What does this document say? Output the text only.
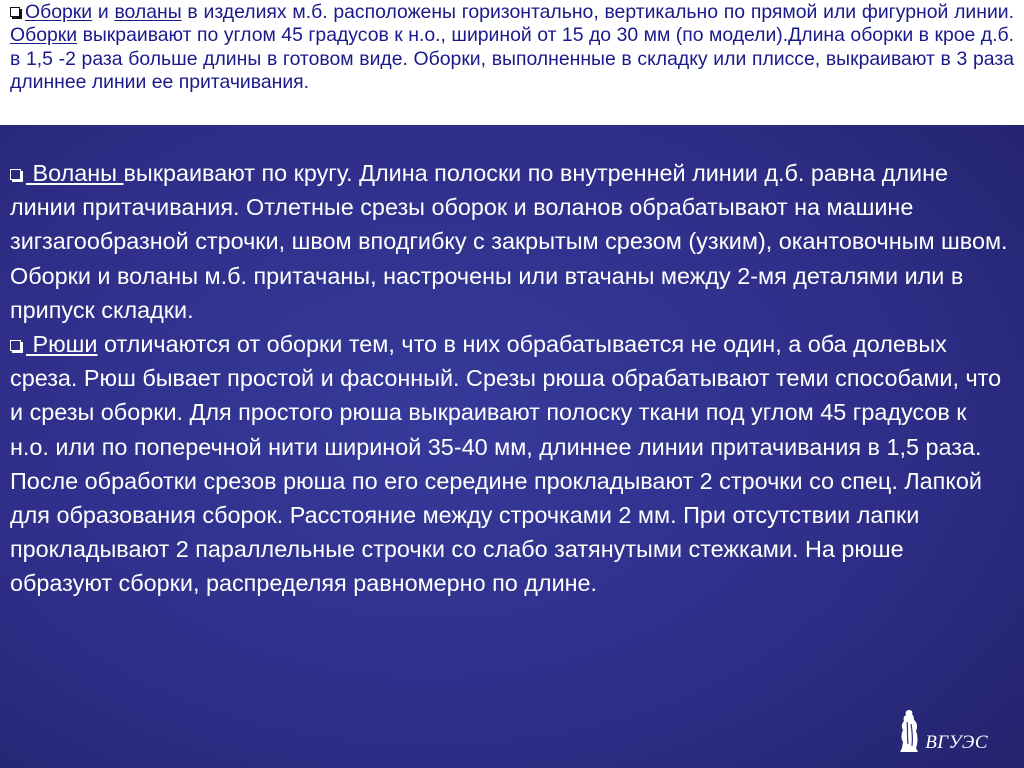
Оборки и воланы в изделиях м.б. расположены горизонтально, вертикально по прямой или фигурной линии. Оборки выкраивают по углом 45 градусов к н.о., шириной от 15 до 30 мм (по модели).Длина оборки в крое д.б. в 1,5 -2 раза больше длины в готовом виде. Оборки, выполненные в складку или плиссе, выкраивают в 3 раза длиннее линии ее притачивания.

Воланы выкраивают по кругу. Длина полоски по внутренней линии д.б. равна длине линии притачивания. Отлетные срезы оборок и воланов обрабатывают на машине зигзагообразной строчки, швом вподгибку с закрытым срезом (узким), окантовочным швом. Оборки и воланы м.б. притачаны, настрочены или втачаны между 2-мя деталями или в припуск складки.

Рюши отличаются от оборки тем, что в них обрабатывается не один, а оба долевых среза. Рюш бывает простой и фасонный. Срезы рюша обрабатывают теми способами, что и срезы оборки. Для простого рюша выкраивают полоску ткани под углом 45 градусов к н.о. или по поперечной нити шириной 35-40 мм, длиннее линии притачивания в 1,5 раза. После обработки срезов рюша по его середине прокладывают 2 строчки со спец. Лапкой для образования сборок. Расстояние между строчками 2 мм. При отсутствии лапки прокладывают 2 параллельные строчки со слабо затянутыми стежками. На рюше образуют сборки, распределяя равномерно по длине.

ВГУЭС
